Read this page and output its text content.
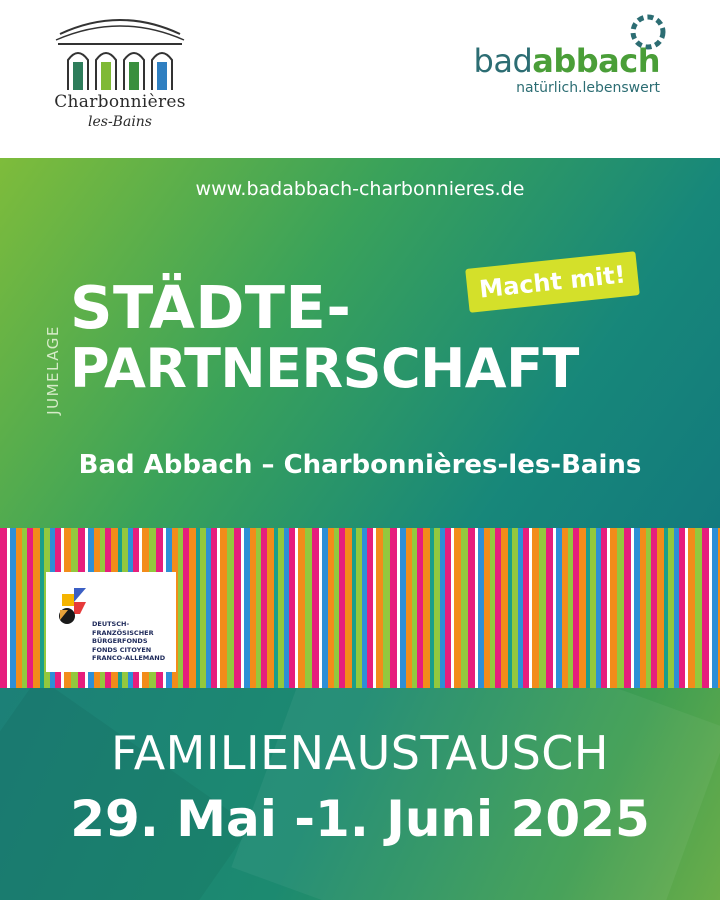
Charbonnières
les-Bains
badabbach
natürlich.lebenswert
www.badabbach-charbonnieres.de
JUMELAGE
STÄDTE-
PARTNERSCHAFT
Bad Abbach – Charbonnières-les-Bains
Macht mit!
DEUTSCH-
FRANZÖSISCHER
BÜRGERFONDS
FONDS CITOYEN
FRANCO-ALLEMAND
FAMILIENAUSTAUSCH
29. Mai -1. Juni 2025
